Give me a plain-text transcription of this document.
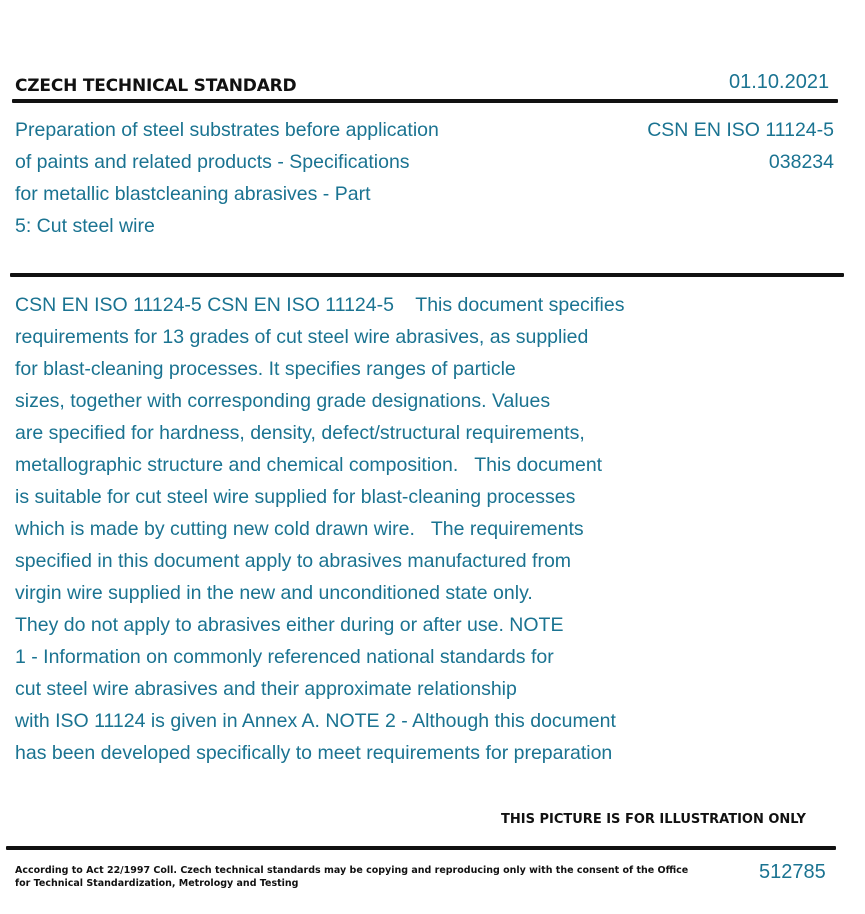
CZECH TECHNICAL STANDARD	01.10.2021
Preparation of steel substrates before application
of paints and related products - Specifications
for metallic blastcleaning abrasives - Part
5: Cut steel wire
CSN EN ISO 11124-5
038234
CSN EN ISO 11124-5 CSN EN ISO 11124-5    This document specifies
requirements for 13 grades of cut steel wire abrasives, as supplied
for blast-cleaning processes. It specifies ranges of particle
sizes, together with corresponding grade designations. Values
are specified for hardness, density, defect/structural requirements,
metallographic structure and chemical composition.   This document
is suitable for cut steel wire supplied for blast-cleaning processes
which is made by cutting new cold drawn wire.   The requirements
specified in this document apply to abrasives manufactured from
virgin wire supplied in the new and unconditioned state only.
They do not apply to abrasives either during or after use. NOTE
1 - Information on commonly referenced national standards for
cut steel wire abrasives and their approximate relationship
with ISO 11124 is given in Annex A. NOTE 2 - Although this document
has been developed specifically to meet requirements for preparation
THIS PICTURE IS FOR ILLUSTRATION ONLY
According to Act 22/1997 Coll. Czech technical standards may be copying and reproducing only with the consent of the Office
for Technical Standardization, Metrology and Testing
512785
